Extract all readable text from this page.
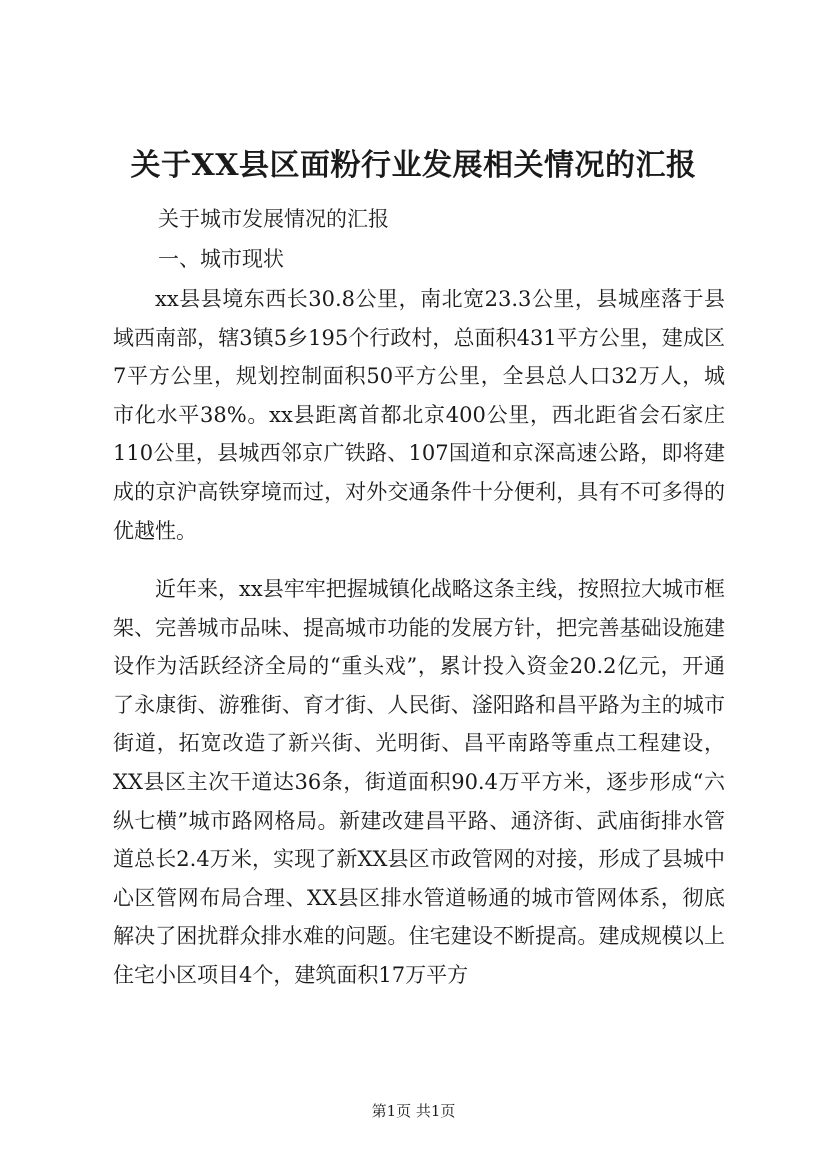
关于XX县区面粉行业发展相关情况的汇报

关于城市发展情况的汇报

一、城市现状

xx县县境东西长30.8公里，南北宽23.3公里，县城座落于县域西南部，辖3镇5乡195个行政村，总面积431平方公里，建成区7平方公里，规划控制面积50平方公里，全县总人口32万人，城市化水平38%。xx县距离首都北京400公里，西北距省会石家庄110公里，县城西邻京广铁路、107国道和京深高速公路，即将建成的京沪高铁穿境而过，对外交通条件十分便利，具有不可多得的优越性。

近年来，xx县牢牢把握城镇化战略这条主线，按照拉大城市框架、完善城市品味、提高城市功能的发展方针，把完善基础设施建设作为活跃经济全局的“重头戏”，累计投入资金20.2亿元，开通了永康街、游雅街、育才街、人民街、滏阳路和昌平路为主的城市街道，拓宽改造了新兴街、光明街、昌平南路等重点工程建设，XX县区主次干道达36条，街道面积90.4万平方米，逐步形成“六纵七横”城市路网格局。新建改建昌平路、通济街、武庙街排水管道总长2.4万米，实现了新XX县区市政管网的对接，形成了县城中心区管网布局合理、XX县区排水管道畅通的城市管网体系，彻底解决了困扰群众排水难的问题。住宅建设不断提高。建成规模以上住宅小区项目4个，建筑面积17万平方

第1页 共1页
